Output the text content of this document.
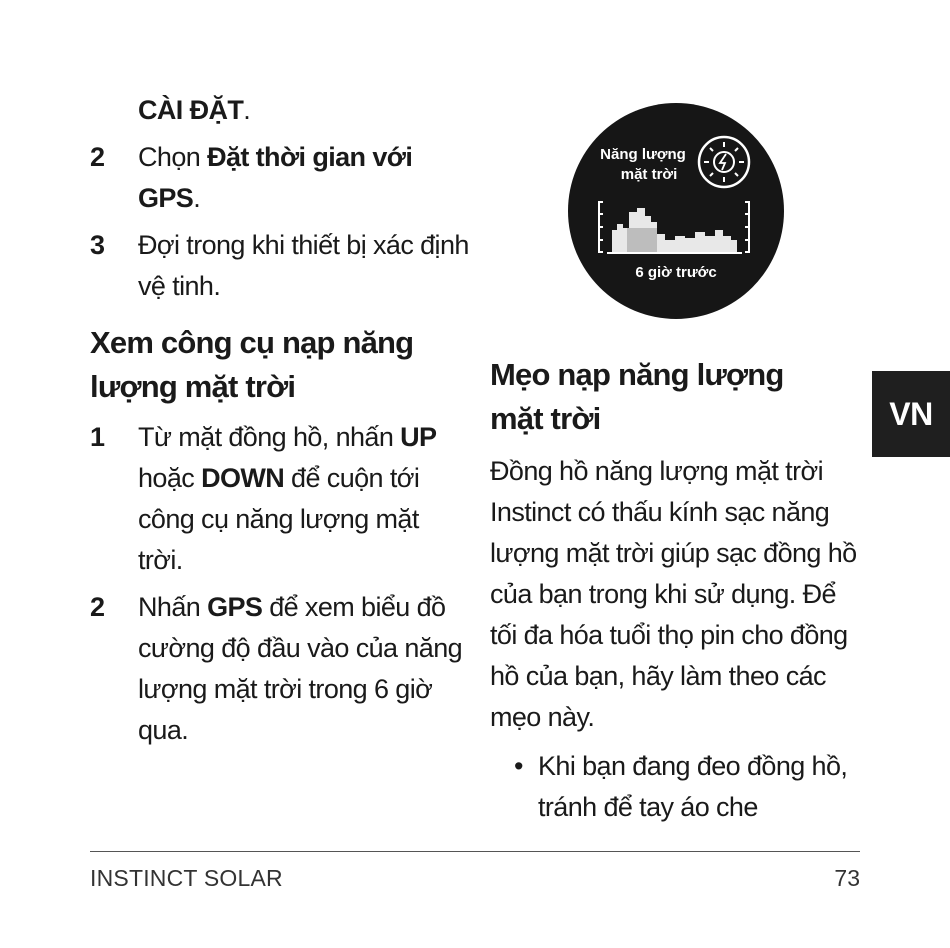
CÀI ĐẶT.

2 Chọn Đặt thời gian với GPS.
3 Đợi trong khi thiết bị xác định vệ tinh.
Xem công cụ nạp năng lượng mặt trời
1 Từ mặt đồng hồ, nhấn UP hoặc DOWN để cuộn tới công cụ năng lượng mặt trời.
2 Nhấn GPS để xem biểu đồ cường độ đầu vào của năng lượng mặt trời trong 6 giờ qua.
Năng lượng
mặt trời
6 giờ trước
Mẹo nạp năng lượng mặt trời

Đồng hồ năng lượng mặt trời Instinct có thấu kính sạc năng lượng mặt trời giúp sạc đồng hồ của bạn trong khi sử dụng. Để tối đa hóa tuổi thọ pin cho đồng hồ của bạn, hãy làm theo các mẹo này.

• Khi bạn đang đeo đồng hồ, tránh để tay áo che
VN
INSTINCT SOLAR	73
